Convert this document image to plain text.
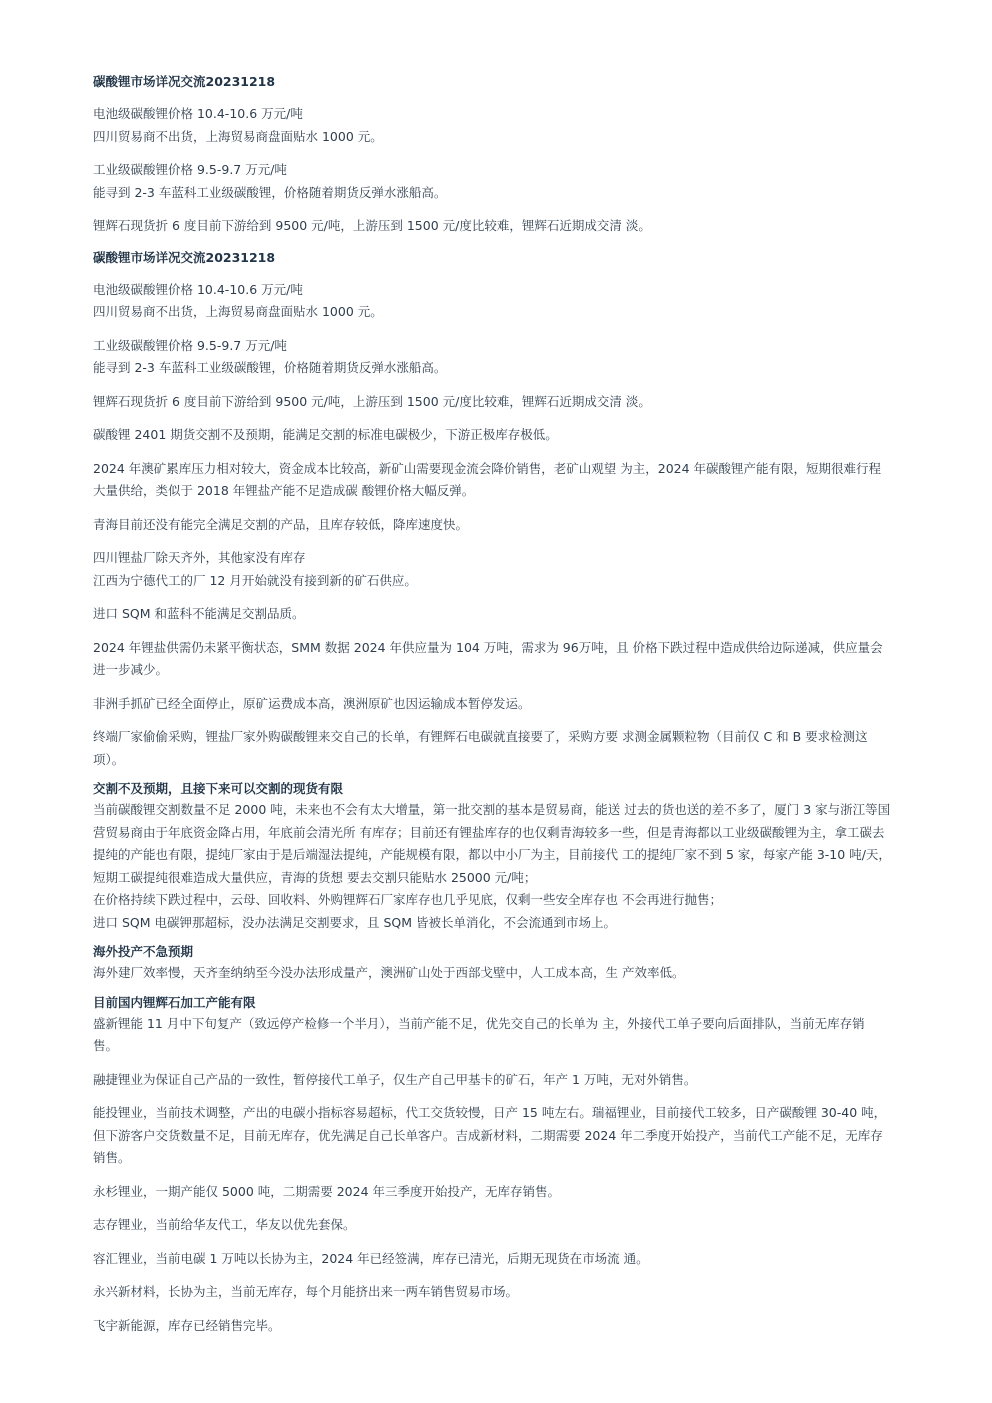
碳酸锂市场详况交流20231218
电池级碳酸锂价格 10.4-10.6 万元/吨
四川贸易商不出货，上海贸易商盘面贴水 1000 元。
工业级碳酸锂价格 9.5-9.7 万元/吨
能寻到 2-3 车蓝科工业级碳酸锂，价格随着期货反弹水涨船高。
锂辉石现货折 6 度目前下游给到 9500 元/吨，上游压到 1500 元/度比较难，锂辉石近期成交清 淡。
碳酸锂市场详况交流20231218
电池级碳酸锂价格 10.4-10.6 万元/吨
四川贸易商不出货，上海贸易商盘面贴水 1000 元。
工业级碳酸锂价格 9.5-9.7 万元/吨
能寻到 2-3 车蓝科工业级碳酸锂，价格随着期货反弹水涨船高。
锂辉石现货折 6 度目前下游给到 9500 元/吨，上游压到 1500 元/度比较难，锂辉石近期成交清 淡。
碳酸锂 2401 期货交割不及预期，能满足交割的标准电碳极少，下游正极库存极低。
2024 年澳矿累库压力相对较大，资金成本比较高，新矿山需要现金流会降价销售，老矿山观望 为主，2024 年碳酸锂产能有限，短期很难行程
大量供给，类似于 2018 年锂盐产能不足造成碳 酸锂价格大幅反弹。
青海目前还没有能完全满足交割的产品，且库存较低，降库速度快。
四川锂盐厂除天齐外，其他家没有库存
江西为宁德代工的厂 12 月开始就没有接到新的矿石供应。
进口 SQM 和蓝科不能满足交割品质。
2024 年锂盐供需仍未紧平衡状态，SMM 数据 2024 年供应量为 104 万吨，需求为 96万吨，且 价格下跌过程中造成供给边际递减，供应量会
进一步减少。
非洲手抓矿已经全面停止，原矿运费成本高，澳洲原矿也因运输成本暂停发运。
终端厂家偷偷采购，锂盐厂家外购碳酸锂来交自己的长单，有锂辉石电碳就直接要了，采购方要 求测金属颗粒物（目前仅 C 和 B 要求检测这
项）。
交割不及预期，且接下来可以交割的现货有限
当前碳酸锂交割数量不足 2000 吨，未来也不会有太大增量，第一批交割的基本是贸易商，能送 过去的货也送的差不多了，厦门 3 家与浙江等国
营贸易商由于年底资金降占用，年底前会清光所 有库存；目前还有锂盐库存的也仅剩青海较多一些，但是青海都以工业级碳酸锂为主，拿工碳去
提纯的产能也有限，提纯厂家由于是后端湿法提纯，产能规模有限，都以中小厂为主，目前接代 工的提纯厂家不到 5 家，每家产能 3-10 吨/天，
短期工碳提纯很难造成大量供应，青海的货想 要去交割只能贴水 25000 元/吨；
在价格持续下跌过程中，云母、回收料、外购锂辉石厂家库存也几乎见底，仅剩一些安全库存也 不会再进行抛售；
进口 SQM 电碳钾那超标，没办法满足交割要求，且 SQM 皆被长单消化，不会流通到市场上。
海外投产不急预期
海外建厂效率慢，天齐奎纳纳至今没办法形成量产，澳洲矿山处于西部戈壁中，人工成本高，生 产效率低。
目前国内锂辉石加工产能有限
盛新锂能 11 月中下旬复产（致远停产检修一个半月），当前产能不足，优先交自己的长单为 主，外接代工单子要向后面排队，当前无库存销
售。
融捷锂业为保证自己产品的一致性，暂停接代工单子，仅生产自己甲基卡的矿石，年产 1 万吨，无对外销售。
能投锂业，当前技术调整，产出的电碳小指标容易超标，代工交货较慢，日产 15 吨左右。瑞福锂业，目前接代工较多，日产碳酸锂 30-40 吨，
但下游客户交货数量不足，目前无库存，优先满足自己长单客户。吉成新材料，二期需要 2024 年二季度开始投产，当前代工产能不足，无库存
销售。
永杉锂业，一期产能仅 5000 吨，二期需要 2024 年三季度开始投产，无库存销售。
志存锂业，当前给华友代工，华友以优先套保。
容汇锂业，当前电碳 1 万吨以长协为主，2024 年已经签满，库存已清光，后期无现货在市场流 通。
永兴新材料，长协为主，当前无库存，每个月能挤出来一两车销售贸易市场。
飞宇新能源，库存已经销售完毕。
